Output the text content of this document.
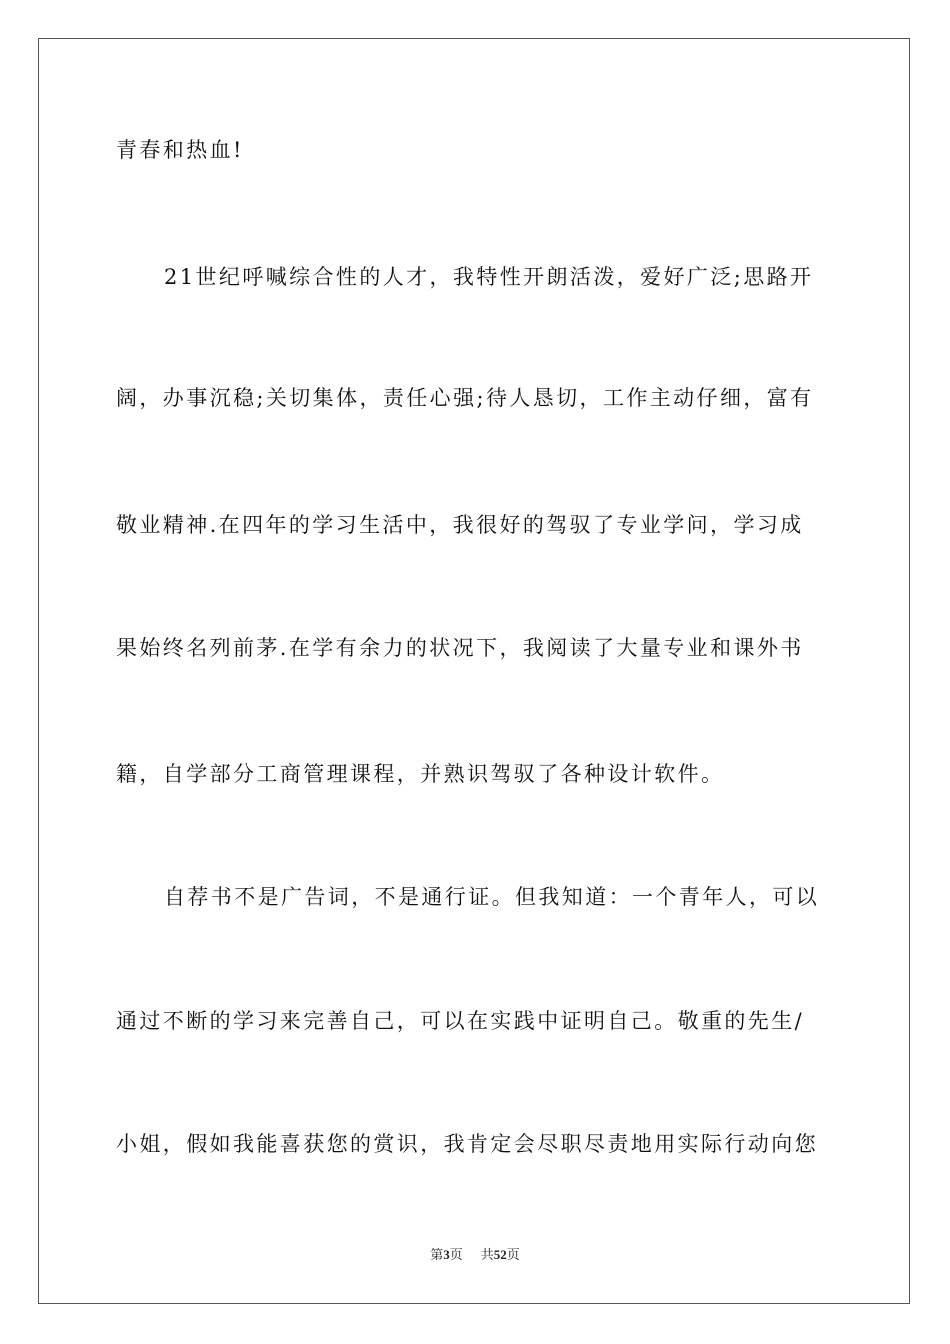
青春和热血!
21世纪呼喊综合性的人才，我特性开朗活泼，爱好广泛;思路开
阔，办事沉稳;关切集体，责任心强;待人恳切，工作主动仔细，富有
敬业精神.在四年的学习生活中，我很好的驾驭了专业学问，学习成
果始终名列前茅.在学有余力的状况下，我阅读了大量专业和课外书
籍，自学部分工商管理课程，并熟识驾驭了各种设计软件。
自荐书不是广告词，不是通行证。但我知道：一个青年人，可以
通过不断的学习来完善自己，可以在实践中证明自己。敬重的先生/
小姐，假如我能喜获您的赏识，我肯定会尽职尽责地用实际行动向您
第3页 共52页
